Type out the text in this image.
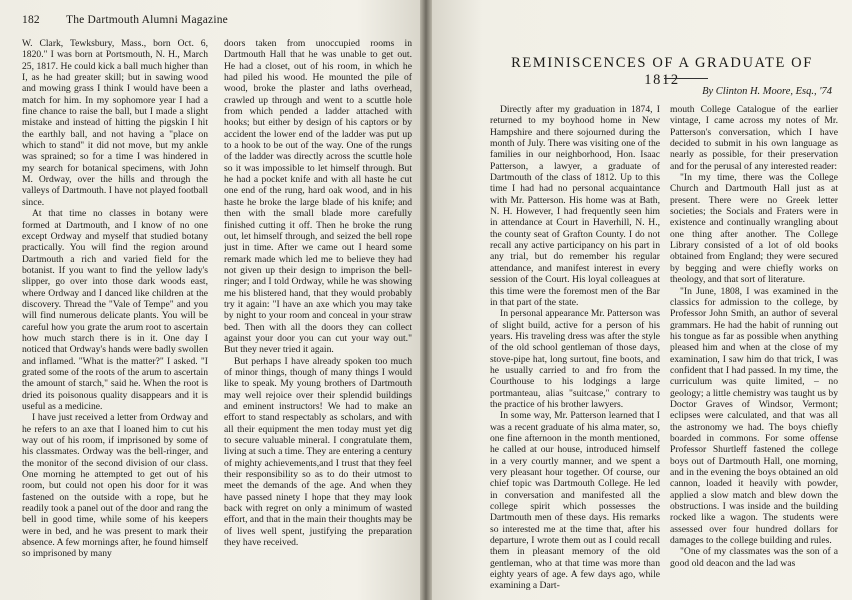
182 The Dartmouth Alumni Magazine

W. Clark, Tewksbury, Mass., born Oct. 6, 1820." I was born at Portsmouth, N. H., March 25, 1817. He could kick a ball much higher than I, as he had greater skill; but in sawing wood and mowing grass I think I would have been a match for him. In my sophomore year I had a fine chance to raise the ball, but I made a slight mistake and instead of hitting the pigskin I hit the earthly ball, and not having a "place on which to stand" it did not move, but my ankle was sprained; so for a time I was hindered in my search for botanical specimens, with John M. Ordway, over the hills and through the valleys of Dartmouth. I have not played football since.

At that time no classes in botany were formed at Dartmouth, and I know of no one except Ordway and myself that studied botany practically. You will find the region around Dartmouth a rich and varied field for the botanist. If you want to find the yellow lady's slipper, go over into those dark woods east, where Ordway and I danced like children at the discovery. Thread the "Vale of Tempe" and you will find numerous delicate plants. You will be careful how you grate the arum root to ascertain how much starch there is in it. One day I noticed that Ordway's hands were badly swollen and inflamed. "What is the matter?" I asked. "I grated some of the roots of the arum to ascertain the amount of starch," said he. When the root is dried its poisonous quality disappears and it is useful as a medicine.

I have just received a letter from Ordway and he refers to an axe that I loaned him to cut his way out of his room, if imprisoned by some of his classmates. Ordway was the bell-ringer, and the monitor of the second division of our class. One morning he attempted to get out of his room, but could not open his door for it was fastened on the outside with a rope, but he readily took a panel out of the door and rang the bell in good time, while some of his keepers were in bed, and he was present to mark their absence. A few mornings after, he found himself so imprisoned by many

doors taken from unoccupied rooms in Dartmouth Hall that he was unable to get out. He had a closet, out of his room, in which he had piled his wood. He mounted the pile of wood, broke the plaster and laths overhead, crawled up through and went to a scuttle hole from which pended a ladder attached with hooks; but either by design of his captors or by accident the lower end of the ladder was put up to a hook to be out of the way. One of the rungs of the ladder was directly across the scuttle hole so it was impossible to let himself through. But he had a pocket knife and with all haste he cut one end of the rung, hard oak wood, and in his haste he broke the large blade of his knife; and then with the small blade more carefully finished cutting it off. Then he broke the rung out, let himself through, and seized the bell rope just in time. After we came out I heard some remark made which led me to believe they had not given up their design to imprison the bell-ringer; and I told Ordway, while he was showing me his blistered hand, that they would probably try it again: "I have an axe which you may take by night to your room and conceal in your straw bed. Then with all the doors they can collect against your door you can cut your way out." But they never tried it again.

But perhaps I have already spoken too much of minor things, though of many things I would like to speak. My young brothers of Dartmouth may well rejoice over their splendid buildings and eminent instructors! We had to make an effort to stand respectably as scholars, and with all their equipment the men today must yet dig to secure valuable mineral. I congratulate them, living at such a time. They are entering a century of mighty achievements,and I trust that they feel their responsibility so as to do their utmost to meet the demands of the age. And when they have passed ninety I hope that they may look back with regret on only a minimum of wasted effort, and that in the main their thoughts may be of lives well spent, justifying the preparation they have received.

REMINISCENCES OF A GRADUATE OF 1812
By Clinton H. Moore, Esq., '74

Directly after my graduation in 1874, I returned to my boyhood home in New Hampshire and there sojourned during the month of July. There was visiting one of the families in our neighborhood, Hon. Isaac Patterson, a lawyer, a graduate of Dartmouth of the class of 1812. Up to this time I had had no personal acquaintance with Mr. Patterson. His home was at Bath, N. H. However, I had frequently seen him in attendance at Court in Haverhill, N. H., the county seat of Grafton County. I do not recall any active participancy on his part in any trial, but do remember his regular attendance, and manifest interest in every session of the Court. His loyal colleagues at this time were the foremost men of the Bar in that part of the state.

In personal appearance Mr. Patterson was of slight build, active for a person of his years. His traveling dress was after the style of the old school gentleman of those days, stove-pipe hat, long surtout, fine boots, and he usually carried to and fro from the Courthouse to his lodgings a large portmanteau, alias "suitcase," contrary to the practice of his brother lawyers.

In some way, Mr. Patterson learned that I was a recent graduate of his alma mater, so, one fine afternoon in the month mentioned, he called at our house, introduced himself in a very courtly manner, and we spent a very pleasant hour together. Of course, our chief topic was Dartmouth College. He led in conversation and manifested all the college spirit which possesses the Dartmouth men of these days. His remarks so interested me at the time that, after his departure, I wrote them out as I could recall them in pleasant memory of the old gentleman, who at that time was more than eighty years of age. A few days ago, while examining a Dart-

mouth College Catalogue of the earlier vintage, I came across my notes of Mr. Patterson's conversation, which I have decided to submit in his own language as nearly as possible, for their preservation and for the perusal of any interested reader:

"In my time, there was the College Church and Dartmouth Hall just as at present. There were no Greek letter societies; the Socials and Fraters were in existence and continually wrangling about one thing after another. The College Library consisted of a lot of old books obtained from England; they were secured by begging and were chiefly works on theology, and that sort of literature.

"In June, 1808, I was examined in the classics for admission to the college, by Professor John Smith, an author of several grammars. He had the habit of running out his tongue as far as possible when anything pleased him and when at the close of my examination, I saw him do that trick, I was confident that I had passed. In my time, the curriculum was quite limited, – no geology; a little chemistry was taught us by Doctor Graves of Windsor, Vermont; eclipses were calculated, and that was all the astronomy we had. The boys chiefly boarded in commons. For some offense Professor Shurtleff fastened the college boys out of Dartmouth Hall, one morning, and in the evening the boys obtained an old cannon, loaded it heavily with powder, applied a slow match and blew down the obstructions. I was inside and the building rocked like a wagon. The students were assessed over four hundred dollars for damages to the college building and rules.

"One of my classmates was the son of a good old deacon and the lad was
